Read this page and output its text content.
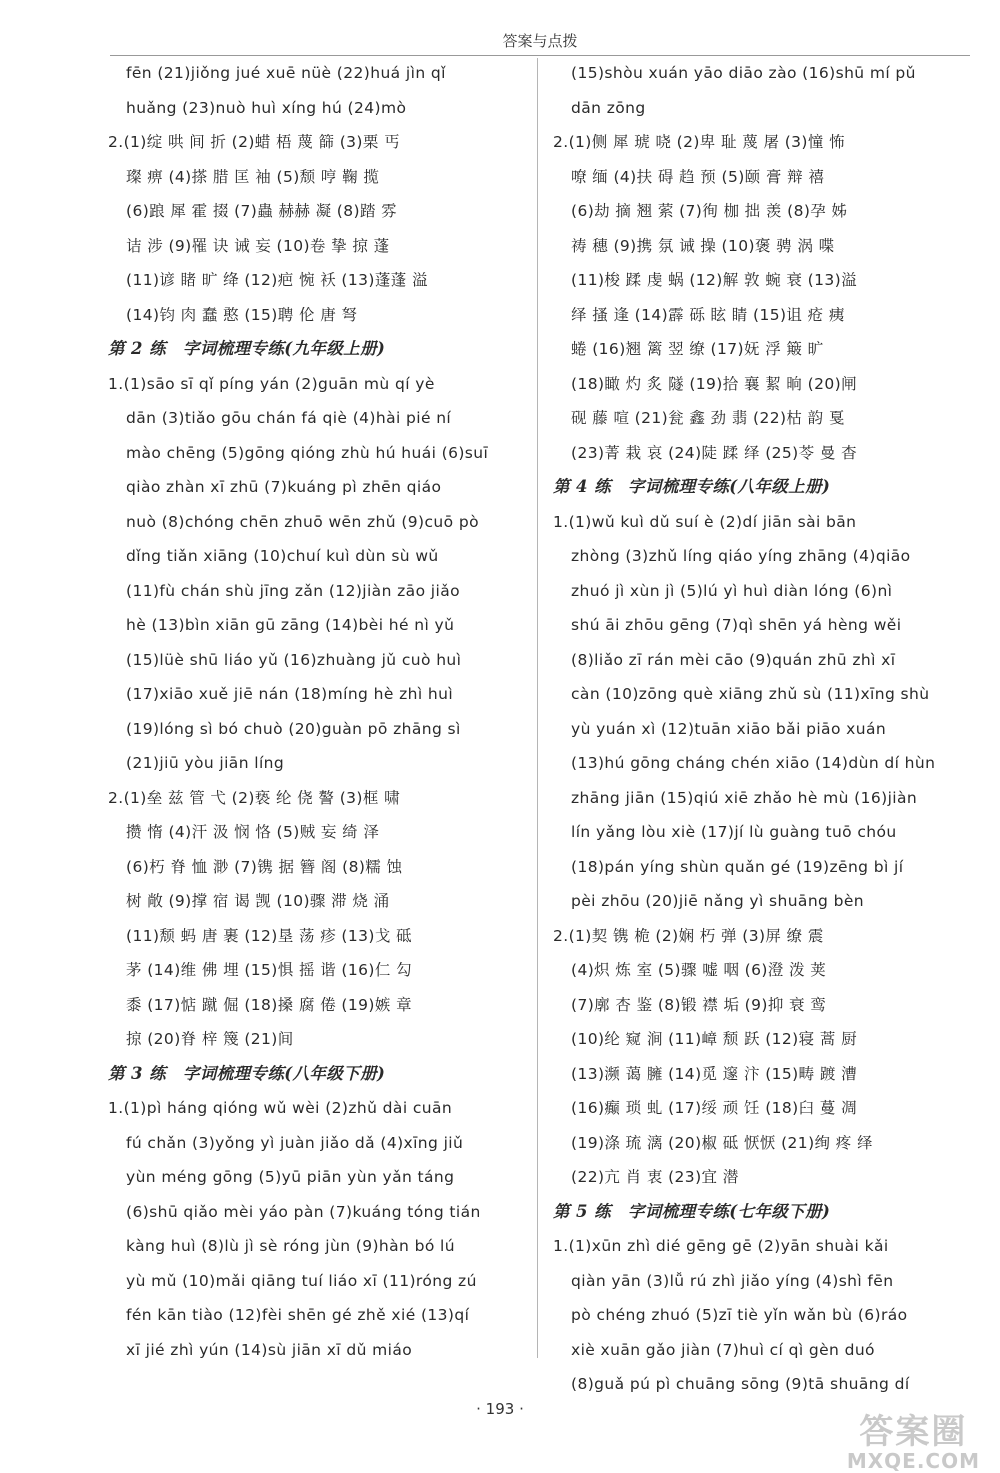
答案与点拨
fēn (21)jiǒng jué xuē nüè (22)huá jìn qǐ
huǎng (23)nuò huì xíng hú (24)mò
2.(1)绽 哄 间 折 (2)蜡 梧 蔑 篩 (3)栗 丐
璨 痹 (4)搽 腊 匡 袖 (5)颓 哼 鞠 揽
(6)踉 犀 霍 掇 (7)蟲 赫赫 凝 (8)踏 雰
诘 涉 (9)罹 诀 诫 妄 (10)卷 挚 掠 蓬
(11)谚 睹 旷 绛 (12)疤 惋 袄 (13)蓬蓬 溢
(14)钧 肉 蠢 憨 (15)聘 伦 唐 弩
第 2 练　字词梳理专练(九年级上册)
1.(1)sāo sī qǐ píng yán (2)guān mù qí yè
dān (3)tiǎo gōu chán fá qiè (4)hài pié ní
mào chēng (5)gōng qióng zhù hú huái (6)suī
qiào zhàn xī zhū (7)kuáng pì zhēn qiáo
nuò (8)chóng chēn zhuō wēn zhǔ (9)cuō pò
dǐng tiǎn xiāng (10)chuí kuì dùn sù wǔ
(11)fù chán shù jīng zǎn (12)jiàn zāo jiǎo
hè (13)bìn xiān gū zāng (14)bèi hé nì yǔ
(15)lüè shū liáo yǔ (16)zhuàng jǔ cuò huì
(17)xiāo xuě jiē nán (18)míng hè zhì huì
(19)lóng sì bó chuò (20)guàn pō zhāng sì
(21)jiū yòu jiān líng
2.(1)垒 兹 管 弋 (2)亵 纶 侥 謷 (3)框 啸
攒 惰 (4)汗 汲 悯 恪 (5)贼 妄 绮 泽
(6)朽 脊 恤 渺 (7)镌 据 簪 阁 (8)糯 蚀
树 敞 (9)撑 宿 谒 觊 (10)骤 滞 烧 涌
(11)颓 蚂 唐 裹 (12)垦 荡 疹 (13)戈 砥
茅 (14)维 佛 埋 (15)惧 摇 谐 (16)仁 勾
黍 (17)惦 蹴 倔 (18)搡 腐 倦 (19)嫉 章
掠 (20)脊 梓 篾 (21)间
第 3 练　字词梳理专练(八年级下册)
1.(1)pì háng qióng wǔ wèi (2)zhǔ dài cuān
fú chǎn (3)yǒng yì juàn jiǎo dǎ (4)xīng jiǔ
yùn méng gōng (5)yū piān yùn yǎn táng
(6)shū qiǎo mèi yáo pàn (7)kuáng tóng tián
kàng huì (8)lù jì sè róng jùn (9)hàn bó lú
yù mǔ (10)mǎi qiāng tuí liáo xī (11)róng zú
fén kān tiào (12)fèi shēn gé zhě xié (13)qí
xī jié zhì yún (14)sù jiān xī dǔ miáo
(15)shòu xuán yāo diāo zào (16)shū mí pǔ
dān zōng
2.(1)侧 犀 琥 哓 (2)卑 耻 蔑 屠 (3)憧 怖
嘹 缅 (4)扶 碍 趋 预 (5)颐 膏 辩 禧
(6)劫 摘 翘 萦 (7)徇 枷 拙 羡 (8)孕 姊
祷 穗 (9)携 氛 诫 操 (10)褒 骋 涡 喋
(11)梭 蹂 虔 蜗 (12)解 敦 蜿 衰 (13)溢
绎 搔 逢 (14)霹 砾 眩 睛 (15)诅 疮 痍
蜷 (16)翘 篱 翌 缭 (17)妩 浮 簸 旷
(18)瞰 灼 炙 隧 (19)拾 襄 絜 晌 (20)闸
砚 藤 喧 (21)瓮 鑫 劲 翡 (22)枯 韵 戛
(23)菁 栽 哀 (24)陡 蹂 绎 (25)苓 曼 杳
第 4 练　字词梳理专练(八年级上册)
1.(1)wǔ kuì dǔ suí è (2)dí jiān sài bān
zhòng (3)zhǔ líng qiáo yíng zhāng (4)qiāo
zhuó jì xùn jì (5)lú yì huì diàn lóng (6)nì
shú āi zhōu gēng (7)qì shēn yá hèng wěi
(8)liǎo zī rán mèi cāo (9)quán zhū zhì xī
càn (10)zōng què xiāng zhǔ sù (11)xīng shù
yù yuán xì (12)tuān xiāo bǎi piāo xuán
(13)hú gōng cháng chén xiāo (14)dùn dí hùn
zhāng jiān (15)qiú xiē zhǎo hè mù (16)jiàn
lín yǎng lòu xiè (17)jí lù guàng tuō chóu
(18)pán yíng shùn quǎn gé (19)zēng bì jí
pèi zhōu (20)jiē nǎng yì shuāng bèn
2.(1)契 镌 桅 (2)娴 朽 弹 (3)屏 缭 震
(4)炽 炼 室 (5)骤 嘘 咽 (6)澄 泼 荚
(7)廓 杏 鉴 (8)锻 襟 垢 (9)抑 衰 鸾
(10)纶 窥 涧 (11)嶂 颓 跃 (12)寝 蒿 厨
(13)濒 蔼 臃 (14)觅 邃 汴 (15)畴 踱 漕
(16)癫 琐 虬 (17)绥 顽 饪 (18)臼 蔓 凋
(19)涤 琉 漓 (20)椒 砥 恹恹 (21)绚 疼 绎
(22)亢 肖 衷 (23)宜 潜
第 5 练　字词梳理专练(七年级下册)
1.(1)xūn zhì dié gēng gē (2)yān shuài kǎi
qiàn yān (3)lǚ rú zhì jiǎo yíng (4)shì fēn
pò chéng zhuó (5)zī tiè yǐn wǎn bù (6)ráo
xiè xuān gǎo jiàn (7)huì cí qì gèn duó
(8)guǎ pú pì chuāng sōng (9)tā shuāng dí
· 193 ·
答案圈
MXQE.COM
